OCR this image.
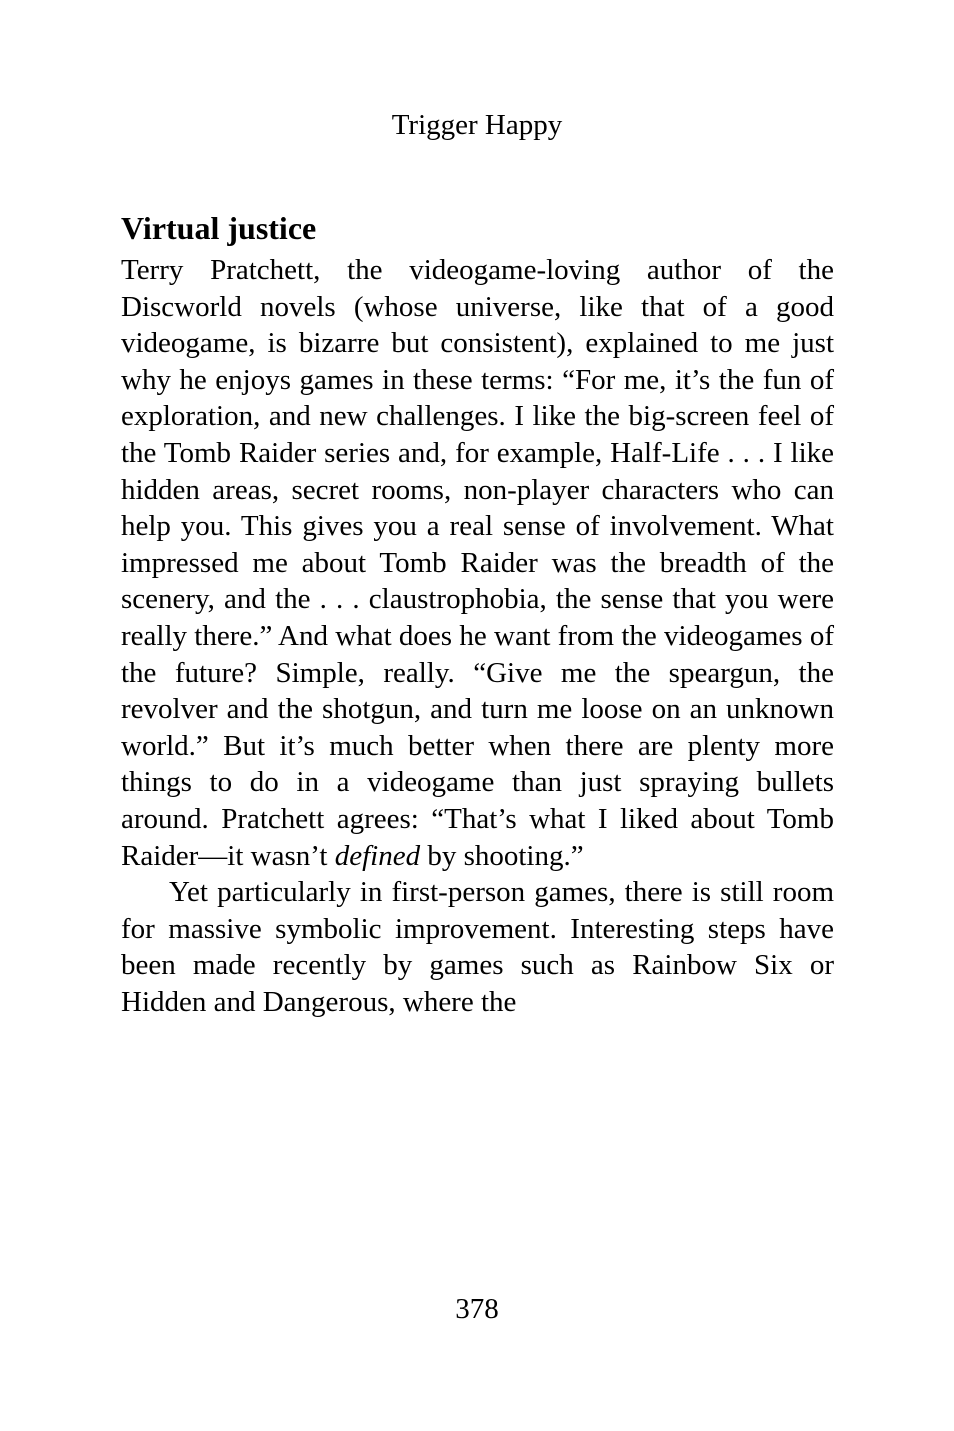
Trigger Happy
Virtual justice

Terry Pratchett, the videogame-loving author of the Discworld novels (whose universe, like that of a good videogame, is bizarre but consistent), explained to me just why he enjoys games in these terms: “For me, it’s the fun of exploration, and new challenges. I like the big-screen feel of the Tomb Raider series and, for example, Half-Life . . . I like hidden areas, secret rooms, non-player characters who can help you. This gives you a real sense of involvement. What impressed me about Tomb Raider was the breadth of the scenery, and the . . . claustrophobia, the sense that you were really there.” And what does he want from the videogames of the future? Simple, really. “Give me the speargun, the revolver and the shotgun, and turn me loose on an unknown world.” But it’s much better when there are plenty more things to do in a videogame than just spraying bullets around. Pratchett agrees: “That’s what I liked about Tomb Raider—it wasn’t defined by shooting.”

Yet particularly in first-person games, there is still room for massive symbolic improvement. Interesting steps have been made recently by games such as Rainbow Six or Hidden and Dangerous, where the

378
